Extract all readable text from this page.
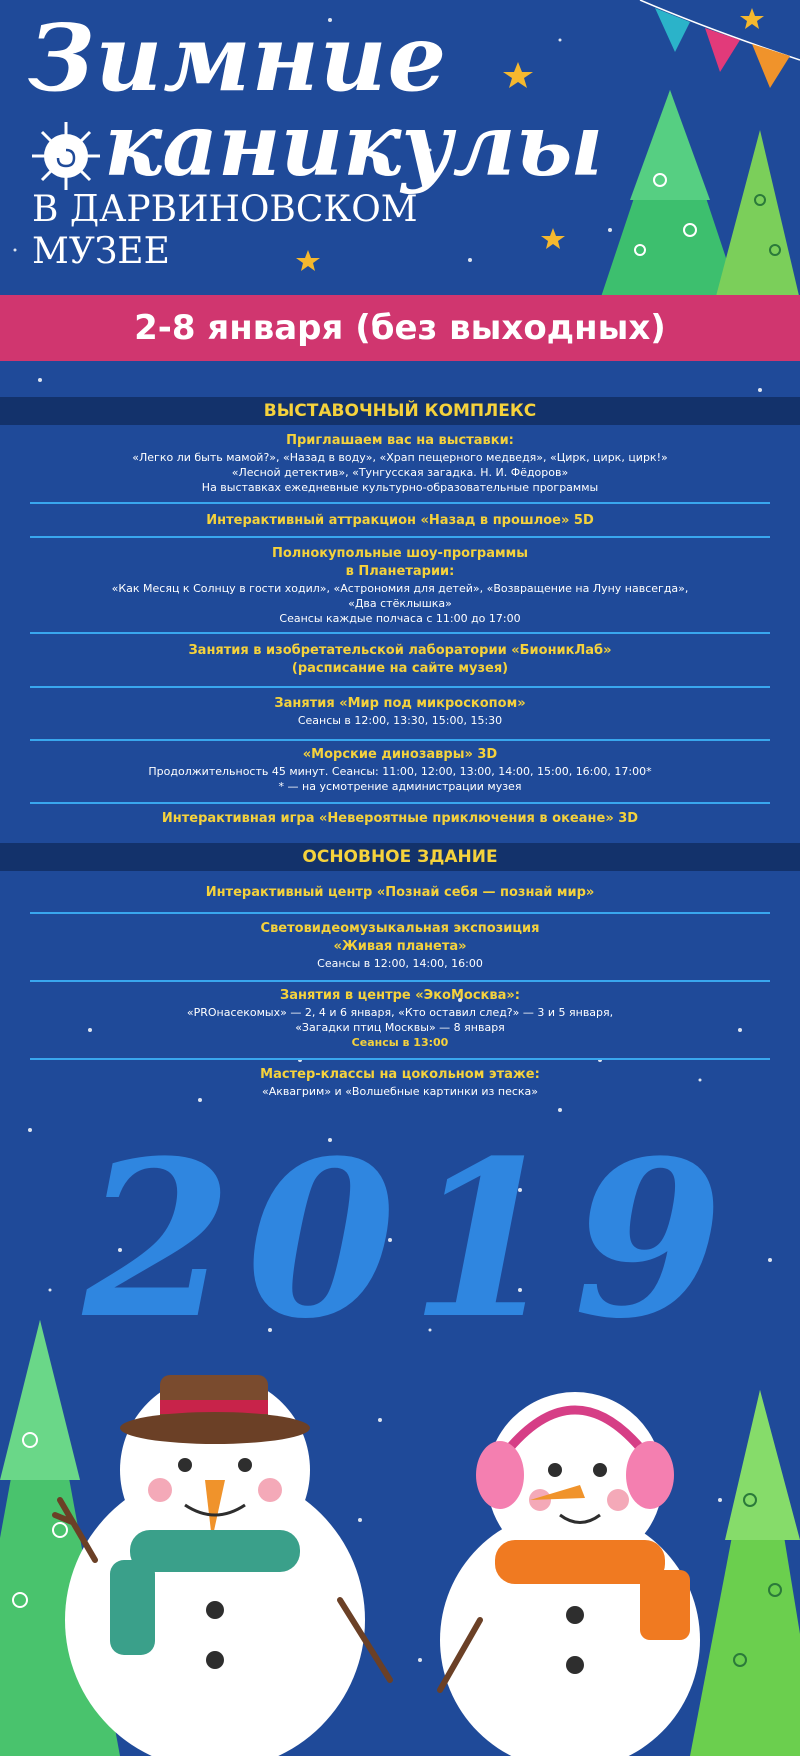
Зимние
каникулы
В ДАРВИНОВСКОМ
МУЗЕЕ
2-8 января (без выходных)
ВЫСТАВОЧНЫЙ КОМПЛЕКС
Приглашаем вас на выставки:
«Легко ли быть мамой?», «Назад в воду», «Храп пещерного медведя», «Цирк, цирк, цирк!»
«Лесной детектив», «Тунгусская загадка. Н. И. Фёдоров»
На выставках ежедневные культурно-образовательные программы
Интерактивный аттракцион «Назад в прошлое» 5D
Полнокупольные шоу-программы
в Планетарии:
«Как Месяц к Солнцу в гости ходил», «Астрономия для детей», «Возвращение на Луну навсегда»,
«Два стёклышка»
Сеансы каждые полчаса с 11:00 до 17:00
Занятия в изобретательской лаборатории «БионикЛаб»
(расписание на сайте музея)
Занятия «Мир под микроскопом»
Сеансы в 12:00, 13:30, 15:00, 15:30
«Морские динозавры» 3D
Продолжительность 45 минут. Сеансы: 11:00, 12:00, 13:00, 14:00, 15:00, 16:00, 17:00*
* — на усмотрение администрации музея
Интерактивная игра «Невероятные приключения в океане» 3D
ОСНОВНОЕ ЗДАНИЕ
Интерактивный центр «Познай себя — познай мир»
Световидеомузыкальная экспозиция
«Живая планета»
Сеансы в 12:00, 14:00, 16:00
Занятия в центре «ЭкоМосква»:
«PROнасекомых» — 2, 4 и 6 января, «Кто оставил след?» — 3 и 5 января,
«Загадки птиц Москвы» — 8 января
Сеансы в 13:00
Мастер-классы на цокольном этаже:
«Аквагрим» и «Волшебные картинки из песка»
2019
